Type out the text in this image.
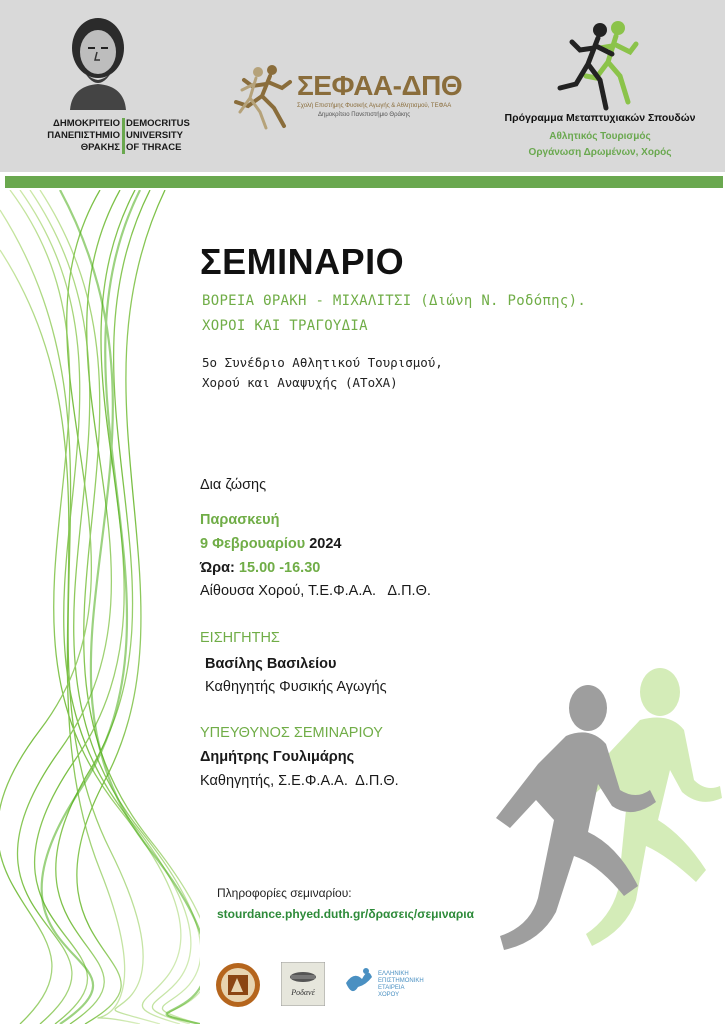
ΔΗΜΟΚΡΙΤΕΙΟ
ΠΑΝΕΠΙΣΤΗΜΙΟ
ΘΡΑΚΗΣ
DEMOCRITUS
UNIVERSITY
OF THRACE
ΣΕΦΑΑ-ΔΠΘ
Σχολή Επιστήμης Φυσικής Αγωγής & Αθλητισμού, ΤΕΦΑΑ
Δημοκρίτειο Πανεπιστήμιο Θράκης	Πρόγραμμα Μεταπτυχιακών Σπουδών
Αθλητικός Τουρισμός
Οργάνωση Δρωμένων, Χορός
ΣΕΜΙΝΑΡΙΟ
ΒΟΡΕΙΑ ΘΡΑΚΗ - ΜΙΧΑΛΙΤΣΙ (Διώνη Ν. Ροδόπης).
ΧΟΡΟΙ ΚΑΙ ΤΡΑΓΟΥΔΙΑ
5ο Συνέδριο Αθλητικού Τουρισμού,
Χορού και Αναψυχής (ΑΤοΧΑ)
Δια ζώσης
Παρασκευή
9 Φεβρουαρίου 2024
Ώρα: 15.00 -16.30
Αίθουσα Χορού, Τ.Ε.Φ.Α.Α.   Δ.Π.Θ.
ΕΙΣΗΓΗΤΗΣ
Βασίλης Βασιλείου
Καθηγητής Φυσικής Αγωγής
ΥΠΕΥΘΥΝΟΣ ΣΕΜΙΝΑΡΙΟΥ
Δημήτρης Γουλιμάρης
Καθηγητής, Σ.Ε.Φ.Α.Α.  Δ.Π.Θ.
Πληροφορίες σεμιναρίου:
stourdance.phyed.duth.gr/δρασεις/σεμιναρια
Ροδανέ
ΕΛΛΗΝΙΚΗ ΕΠΙΣΤΗΜΟΝΙΚΗ ΕΤΑΙΡΕΙΑ ΧΟΡΟΥ
